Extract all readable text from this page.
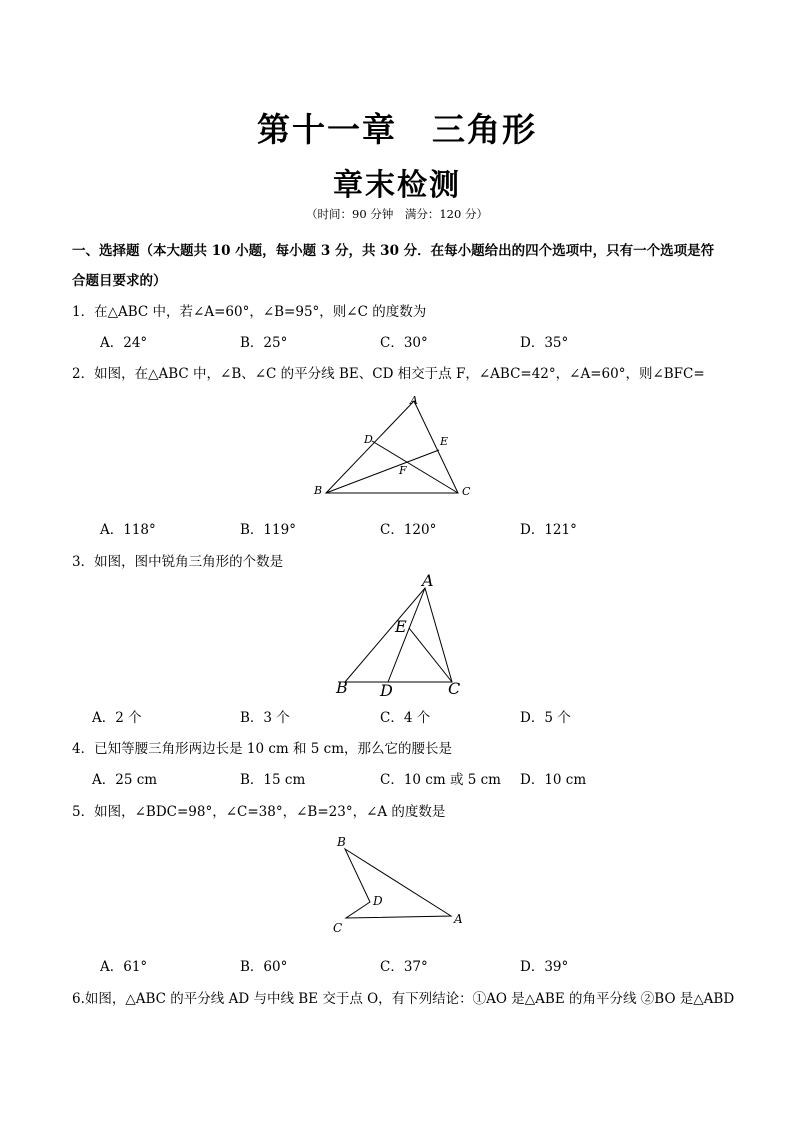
第十一章　三角形
章末检测
（时间：90 分钟　满分：120 分）
一、选择题（本大题共 10 小题，每小题 3 分，共 30 分．在每小题给出的四个选项中，只有一个选项是符
合题目要求的）
1．在△ABC 中，若∠A=60°，∠B=95°，则∠C 的度数为
A．24°	B．25°	C．30°	D．35°
2．如图，在△ABC 中，∠B、∠C 的平分线 BE、CD 相交于点 F，∠ABC=42°，∠A=60°，则∠BFC=
A
B	C
D	E
F
A．118°	B．119°	C．120°	D．121°
3．如图，图中锐角三角形的个数是
A
B	C
D
E
A．2 个	B．3 个	C．4 个	D．5 个
4．已知等腰三角形两边长是 10 cm 和 5 cm，那么它的腰长是
A．25 cm	B．15 cm	C．10 cm 或 5 cm D．10 cm
5．如图，∠BDC=98°，∠C=38°，∠B=23°，∠A 的度数是
B
A
C
D
A．61°	B．60°	C．37°	D．39°
6.如图，△ABC 的平分线 AD 与中线 BE 交于点 O，有下列结论：①AO 是△ABE 的角平分线 ②BO 是△ABD
